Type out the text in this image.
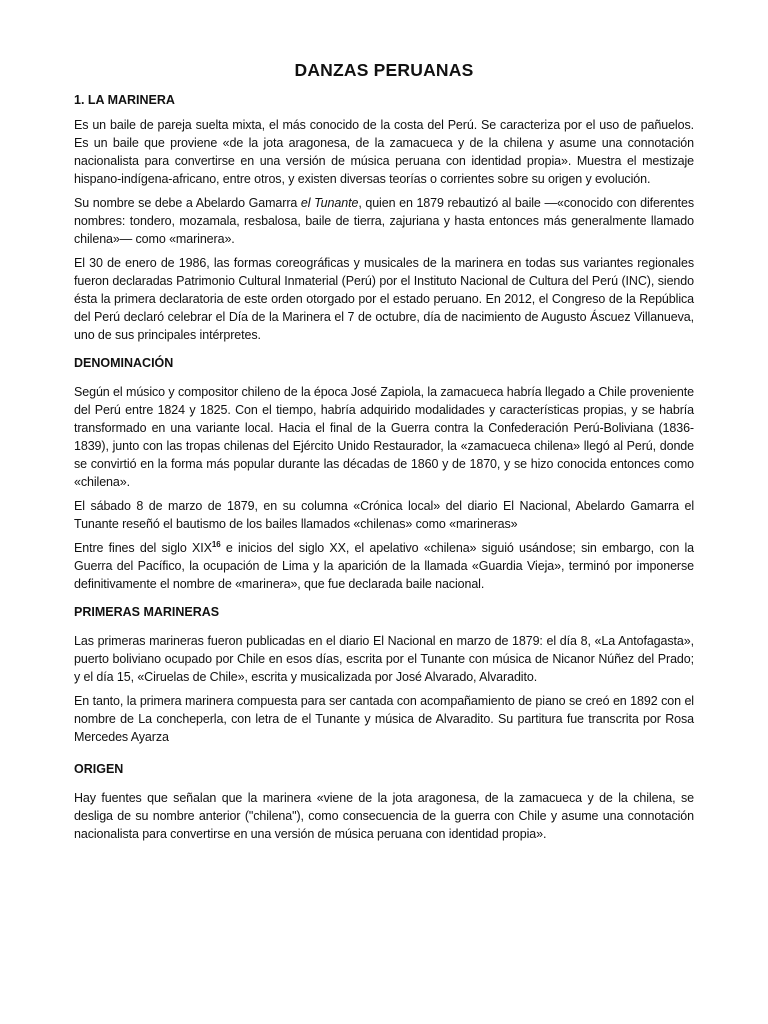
DANZAS PERUANAS
1. LA MARINERA

Es un baile de pareja suelta mixta, el más conocido de la costa del Perú. Se caracteriza por el uso de pañuelos. Es un baile que proviene «de la jota aragonesa, de la zamacueca y de la chilena y asume una connotación nacionalista para convertirse en una versión de música peruana con identidad propia». Muestra el mestizaje hispano-indígena-africano, entre otros, y existen diversas teorías o corrientes sobre su origen y evolución.

Su nombre se debe a Abelardo Gamarra el Tunante, quien en 1879 rebautizó al baile —«conocido con diferentes nombres: tondero, mozamala, resbalosa, baile de tierra, zajuriana y hasta entonces más generalmente llamado chilena»— como «marinera».

El 30 de enero de 1986, las formas coreográficas y musicales de la marinera en todas sus variantes regionales fueron declaradas Patrimonio Cultural Inmaterial (Perú) por el Instituto Nacional de Cultura del Perú (INC), siendo ésta la primera declaratoria de este orden otorgado por el estado peruano. En 2012, el Congreso de la República del Perú declaró celebrar el Día de la Marinera el 7 de octubre, día de nacimiento de Augusto Áscuez Villanueva, uno de sus principales intérpretes.

DENOMINACIÓN

Según el músico y compositor chileno de la época José Zapiola, la zamacueca habría llegado a Chile proveniente del Perú entre 1824 y 1825. Con el tiempo, habría adquirido modalidades y características propias, y se habría transformado en una variante local. Hacia el final de la Guerra contra la Confederación Perú-Boliviana (1836-1839), junto con las tropas chilenas del Ejército Unido Restaurador, la «zamacueca chilena» llegó al Perú, donde se convirtió en la forma más popular durante las décadas de 1860 y de 1870, y se hizo conocida entonces como «chilena».

El sábado 8 de marzo de 1879, en su columna «Crónica local» del diario El Nacional, Abelardo Gamarra el Tunante reseñó el bautismo de los bailes llamados «chilenas» como «marineras»

Entre fines del siglo XIX$^{16}$ e inicios del siglo XX, el apelativo «chilena» siguió usándose; sin embargo, con la Guerra del Pacífico, la ocupación de Lima y la aparición de la llamada «Guardia Vieja», terminó por imponerse definitivamente el nombre de «marinera», que fue declarada baile nacional.

PRIMERAS MARINERAS

Las primeras marineras fueron publicadas en el diario El Nacional en marzo de 1879: el día 8, «La Antofagasta», puerto boliviano ocupado por Chile en esos días, escrita por el Tunante con música de Nicanor Núñez del Prado; y el día 15, «Ciruelas de Chile», escrita y musicalizada por José Alvarado, Alvaradito.

En tanto, la primera marinera compuesta para ser cantada con acompañamiento de piano se creó en 1892 con el nombre de La concheperla, con letra de el Tunante y música de Alvaradito. Su partitura fue transcrita por Rosa Mercedes Ayarza

ORIGEN

Hay fuentes que señalan que la marinera «viene de la jota aragonesa, de la zamacueca y de la chilena, se desliga de su nombre anterior ("chilena"), como consecuencia de la guerra con Chile y asume una connotación nacionalista para convertirse en una versión de música peruana con identidad propia».
